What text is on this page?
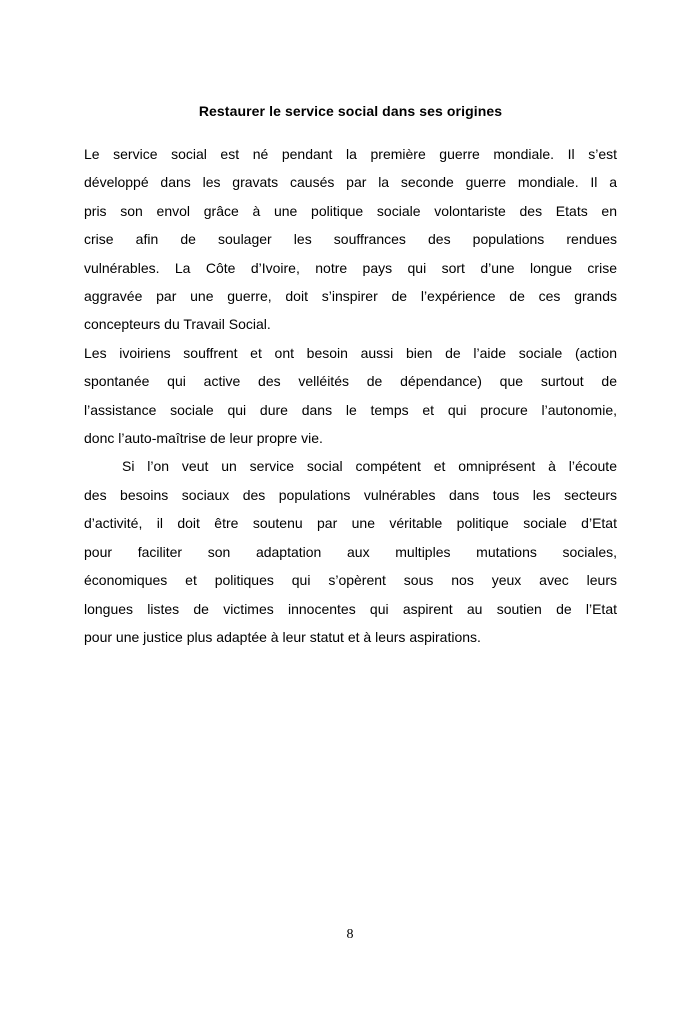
Restaurer le service social dans ses origines
Le service social est né pendant la première guerre mondiale. Il s’est
développé dans les gravats causés par la seconde guerre mondiale. Il a
pris son envol grâce à une politique sociale volontariste des Etats en
crise afin de soulager les souffrances des populations rendues
vulnérables. La Côte d’Ivoire, notre pays qui sort d’une longue crise
aggravée par une guerre, doit s’inspirer de l’expérience de ces grands
concepteurs du Travail Social.
Les ivoiriens souffrent et ont besoin aussi bien de l’aide sociale (action
spontanée qui active des velléités de dépendance) que surtout de
l’assistance sociale qui dure dans le temps et qui procure l’autonomie,
donc l’auto-maîtrise de leur propre vie.
Si l’on veut un service social compétent et omniprésent à l’écoute
des besoins sociaux des populations vulnérables dans tous les secteurs
d’activité, il doit être soutenu par une véritable politique sociale d’Etat
pour faciliter son adaptation aux multiples mutations sociales,
économiques et politiques qui s’opèrent sous nos yeux avec leurs
longues listes de victimes innocentes qui aspirent au soutien de l’Etat
pour une justice plus adaptée à leur statut et à leurs aspirations.
8
